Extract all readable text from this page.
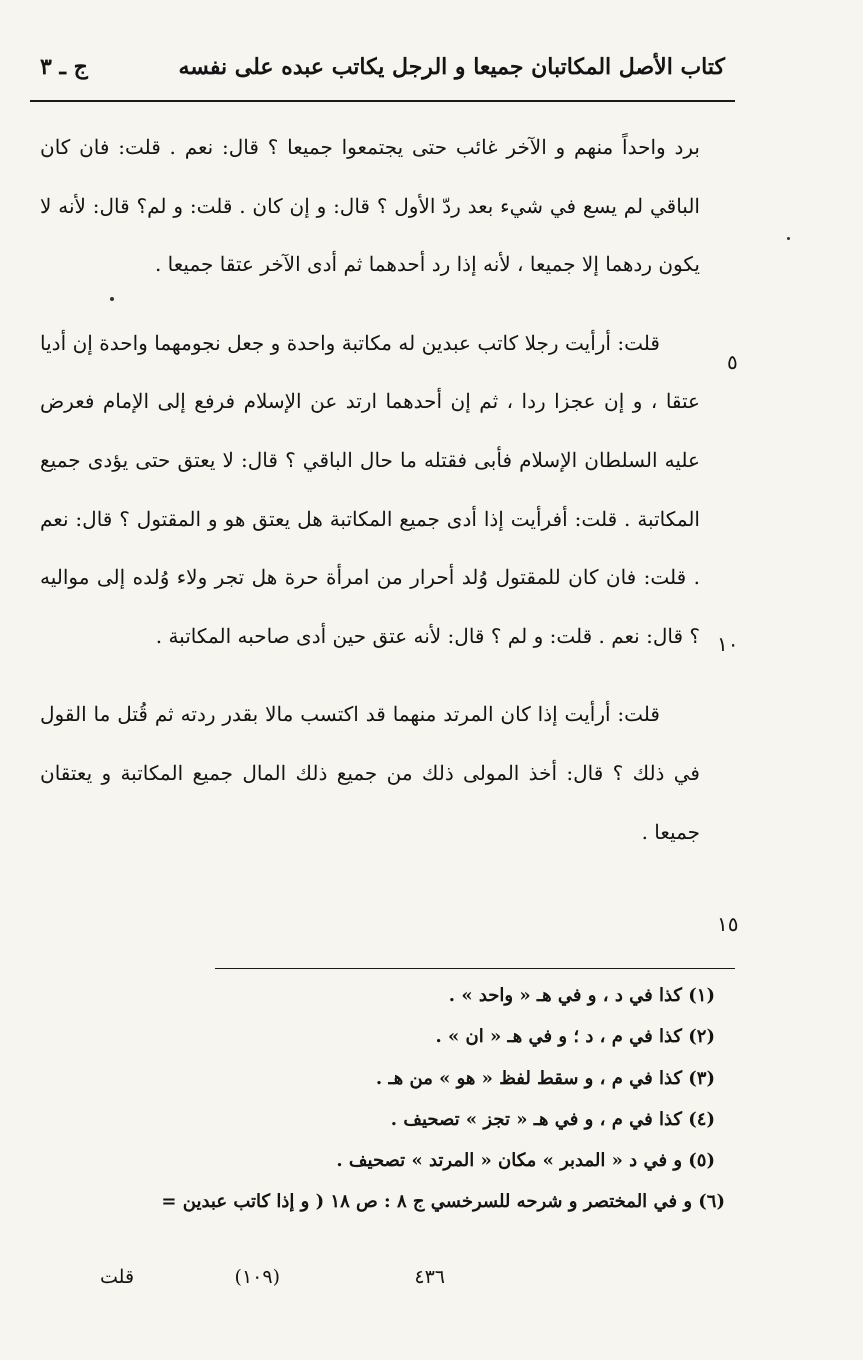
كتاب الأصل المكاتبان جميعا و الرجل يكاتب عبده على نفسه
ج ـ ٣

برد واحداً منهم و الآخر غائب حتى يجتمعوا جميعا ؟ قال: نعم . قلت: فان كان الباقي لم يسع في شيء بعد ردّ الأول ؟ قال: و إن كان . قلت: و لم؟ قال: لأنه لا يكون ردهما إلا جميعا ، لأنه إذا رد أحدهما ثم أدى الآخر عتقا جميعا .

قلت: أرأيت رجلا كاتب عبدين له مكاتبة واحدة و جعل نجومهما واحدة إن أديا عتقا ، و إن عجزا ردا ، ثم إن أحدهما ارتد عن الإسلام فرفع إلى الإمام فعرض عليه السلطان الإسلام فأبى فقتله ما حال الباقي ؟ قال: لا يعتق حتى يؤدى جميع المكاتبة . قلت: أفرأيت إذا أدى جميع المكاتبة هل يعتق هو و المقتول ؟ قال: نعم . قلت: فان كان للمقتول وُلد أحرار من امرأة حرة هل تجر ولاء وُلده إلى مواليه ؟ قال: نعم . قلت: و لم ؟ قال: لأنه عتق حين أدى صاحبه المكاتبة .

قلت: أرأيت إذا كان المرتد منهما قد اكتسب مالا بقدر ردته ثم قُتل ما القول في ذلك ؟ قال: أخذ المولى ذلك من جميع ذلك المال جميع المكاتبة و يعتقان جميعا .

٥
١٠
١٥

(١) كذا في د ، و في هـ « واحد » .

(٢) كذا في م ، د ؛ و في هـ « ان » .

(٣) كذا في م ، و سقط لفظ « هو » من هـ .

(٤) كذا في م ، و في هـ « تجز » تصحيف .

(٥) و في د « المدبر » مكان « المرتد » تصحيف .

(٦) و في المختصر و شرحه للسرخسي ج ٨ : ص ١٨ ( و إذا كاتب عبدين =

٤٣٦
(١٠٩)
قلت
